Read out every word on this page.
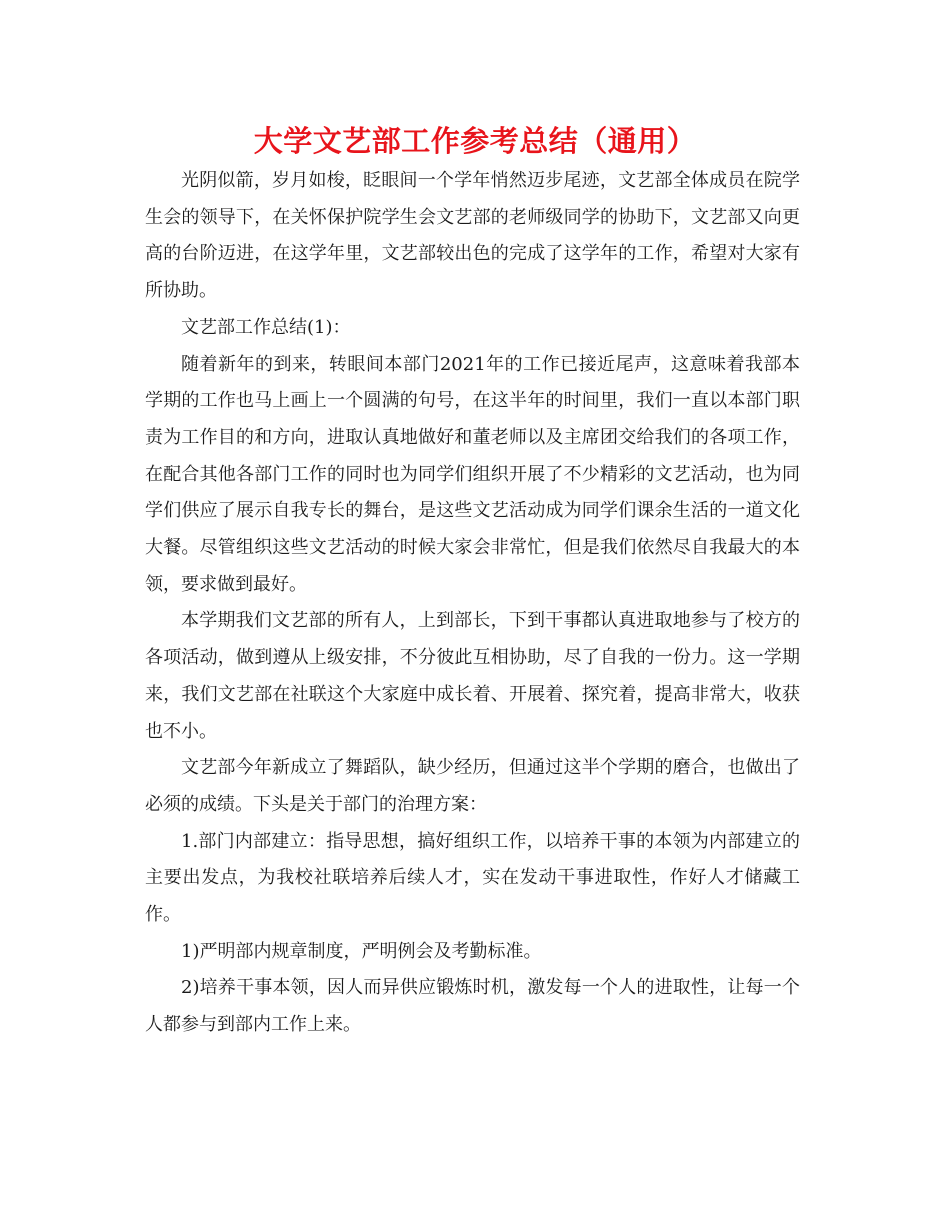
大学文艺部工作参考总结（通用）

光阴似箭，岁月如梭，眨眼间一个学年悄然迈步尾迹，文艺部全体成员在院学生会的领导下，在关怀保护院学生会文艺部的老师级同学的协助下，文艺部又向更高的台阶迈进，在这学年里，文艺部较出色的完成了这学年的工作，希望对大家有所协助。

文艺部工作总结(1)：

随着新年的到来，转眼间本部门2021年的工作已接近尾声，这意味着我部本学期的工作也马上画上一个圆满的句号，在这半年的时间里，我们一直以本部门职责为工作目的和方向，进取认真地做好和董老师以及主席团交给我们的各项工作，在配合其他各部门工作的同时也为同学们组织开展了不少精彩的文艺活动，也为同学们供应了展示自我专长的舞台，是这些文艺活动成为同学们课余生活的一道文化大餐。尽管组织这些文艺活动的时候大家会非常忙，但是我们依然尽自我最大的本领，要求做到最好。

本学期我们文艺部的所有人，上到部长，下到干事都认真进取地参与了校方的各项活动，做到遵从上级安排，不分彼此互相协助，尽了自我的一份力。这一学期来，我们文艺部在社联这个大家庭中成长着、开展着、探究着，提高非常大，收获也不小。

文艺部今年新成立了舞蹈队，缺少经历，但通过这半个学期的磨合，也做出了必须的成绩。下头是关于部门的治理方案：

1.部门内部建立：指导思想，搞好组织工作，以培养干事的本领为内部建立的主要出发点，为我校社联培养后续人才，实在发动干事进取性，作好人才储藏工作。

1)严明部内规章制度，严明例会及考勤标准。

2)培养干事本领，因人而异供应锻炼时机，激发每一个人的进取性，让每一个人都参与到部内工作上来。
